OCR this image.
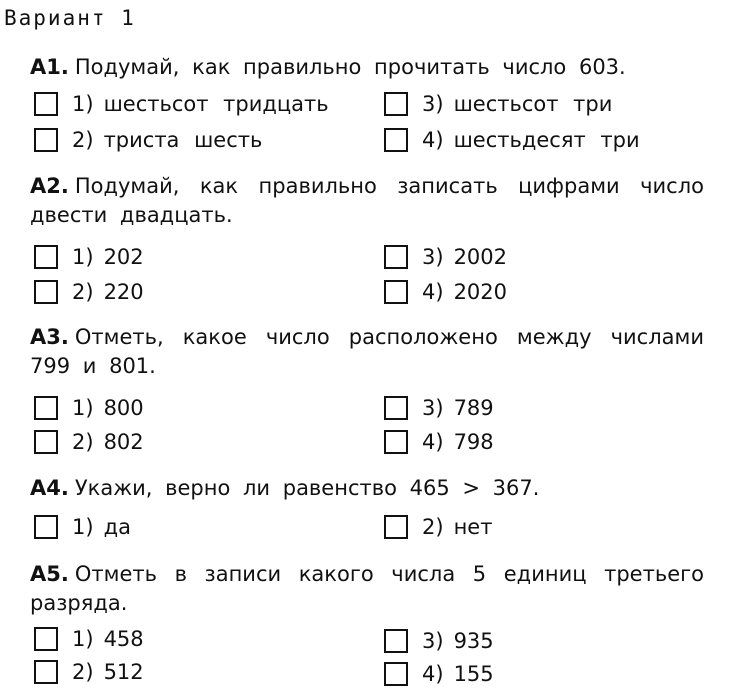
Вариант 1
А1. Подумай, как правильно прочитать число 603.
1) шестьсот тридцать
2) триста шесть
3) шестьсот три
4) шестьдесят три
А2. Подумай, как правильно записать цифрами число двести двадцать.
1) 202
2) 220
3) 2002
4) 2020
А3. Отметь, какое число расположено между числами 799 и 801.
1) 800
2) 802
3) 789
4) 798
А4. Укажи, верно ли равенство 465 > 367.
1) да	2) нет
А5. Отметь в записи какого числа 5 единиц третьего разряда.
1) 458
2) 512
3) 935
4) 155
